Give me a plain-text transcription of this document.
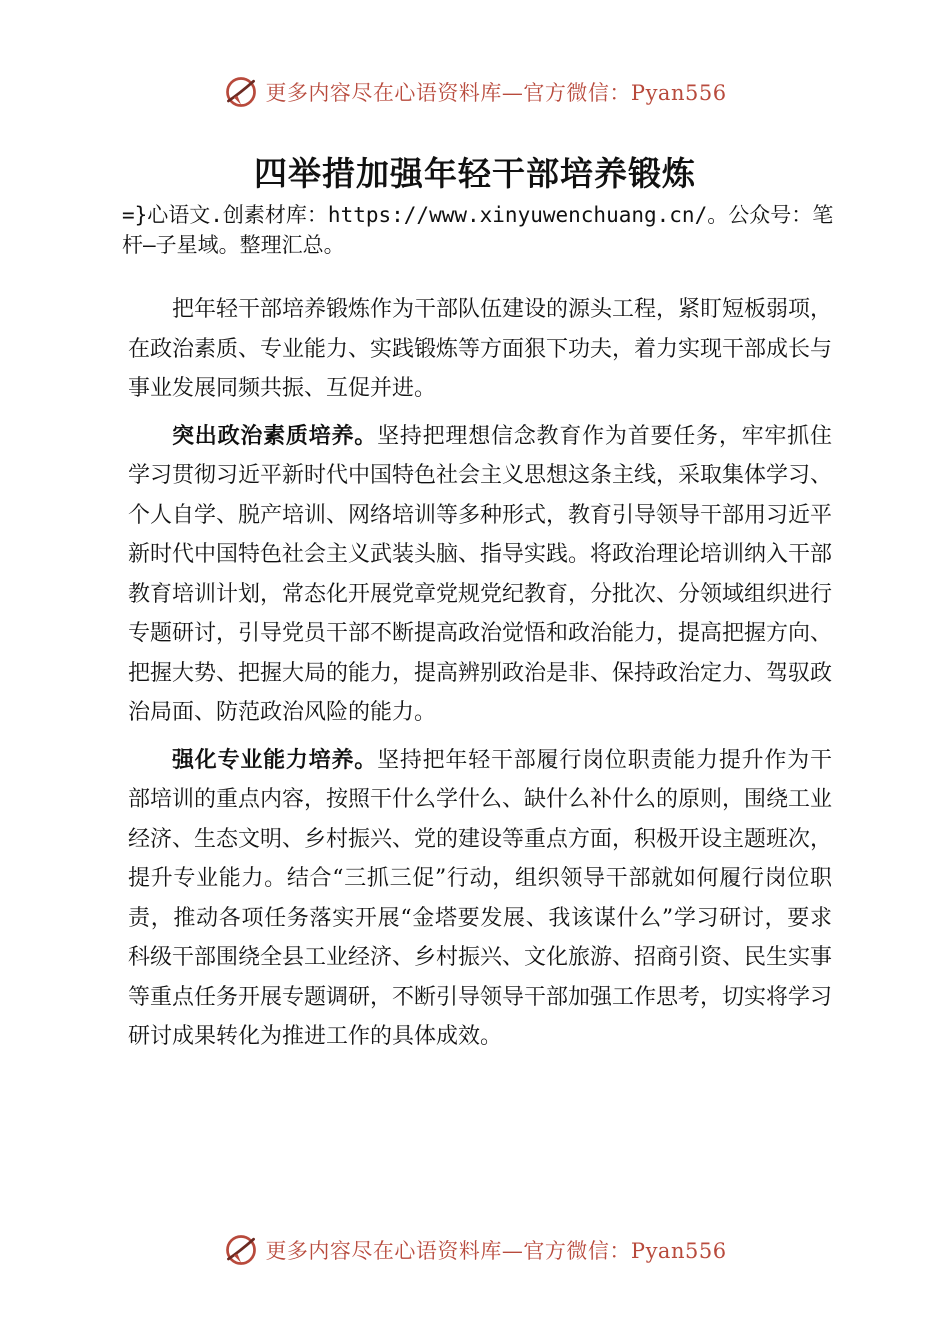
更多内容尽在心语资料库—官方微信：Pyan556
四举措加强年轻干部培养锻炼
=}心语文.创素材库：https://www.xinyuwenchuang.cn/。公众号：笔杆—子星域。整理汇总。

把年轻干部培养锻炼作为干部队伍建设的源头工程，紧盯短板弱项，在政治素质、专业能力、实践锻炼等方面狠下功夫，着力实现干部成长与事业发展同频共振、互促并进。

突出政治素质培养。坚持把理想信念教育作为首要任务，牢牢抓住学习贯彻习近平新时代中国特色社会主义思想这条主线，采取集体学习、个人自学、脱产培训、网络培训等多种形式，教育引导领导干部用习近平新时代中国特色社会主义武装头脑、指导实践。将政治理论培训纳入干部教育培训计划，常态化开展党章党规党纪教育，分批次、分领域组织进行专题研讨，引导党员干部不断提高政治觉悟和政治能力，提高把握方向、把握大势、把握大局的能力，提高辨别政治是非、保持政治定力、驾驭政治局面、防范政治风险的能力。

强化专业能力培养。坚持把年轻干部履行岗位职责能力提升作为干部培训的重点内容，按照干什么学什么、缺什么补什么的原则，围绕工业经济、生态文明、乡村振兴、党的建设等重点方面，积极开设主题班次，提升专业能力。结合“三抓三促”行动，组织领导干部就如何履行岗位职责，推动各项任务落实开展“金塔要发展、我该谋什么”学习研讨，要求科级干部围绕全县工业经济、乡村振兴、文化旅游、招商引资、民生实事等重点任务开展专题调研，不断引导领导干部加强工作思考，切实将学习研讨成果转化为推进工作的具体成效。

更多内容尽在心语资料库—官方微信：Pyan556
